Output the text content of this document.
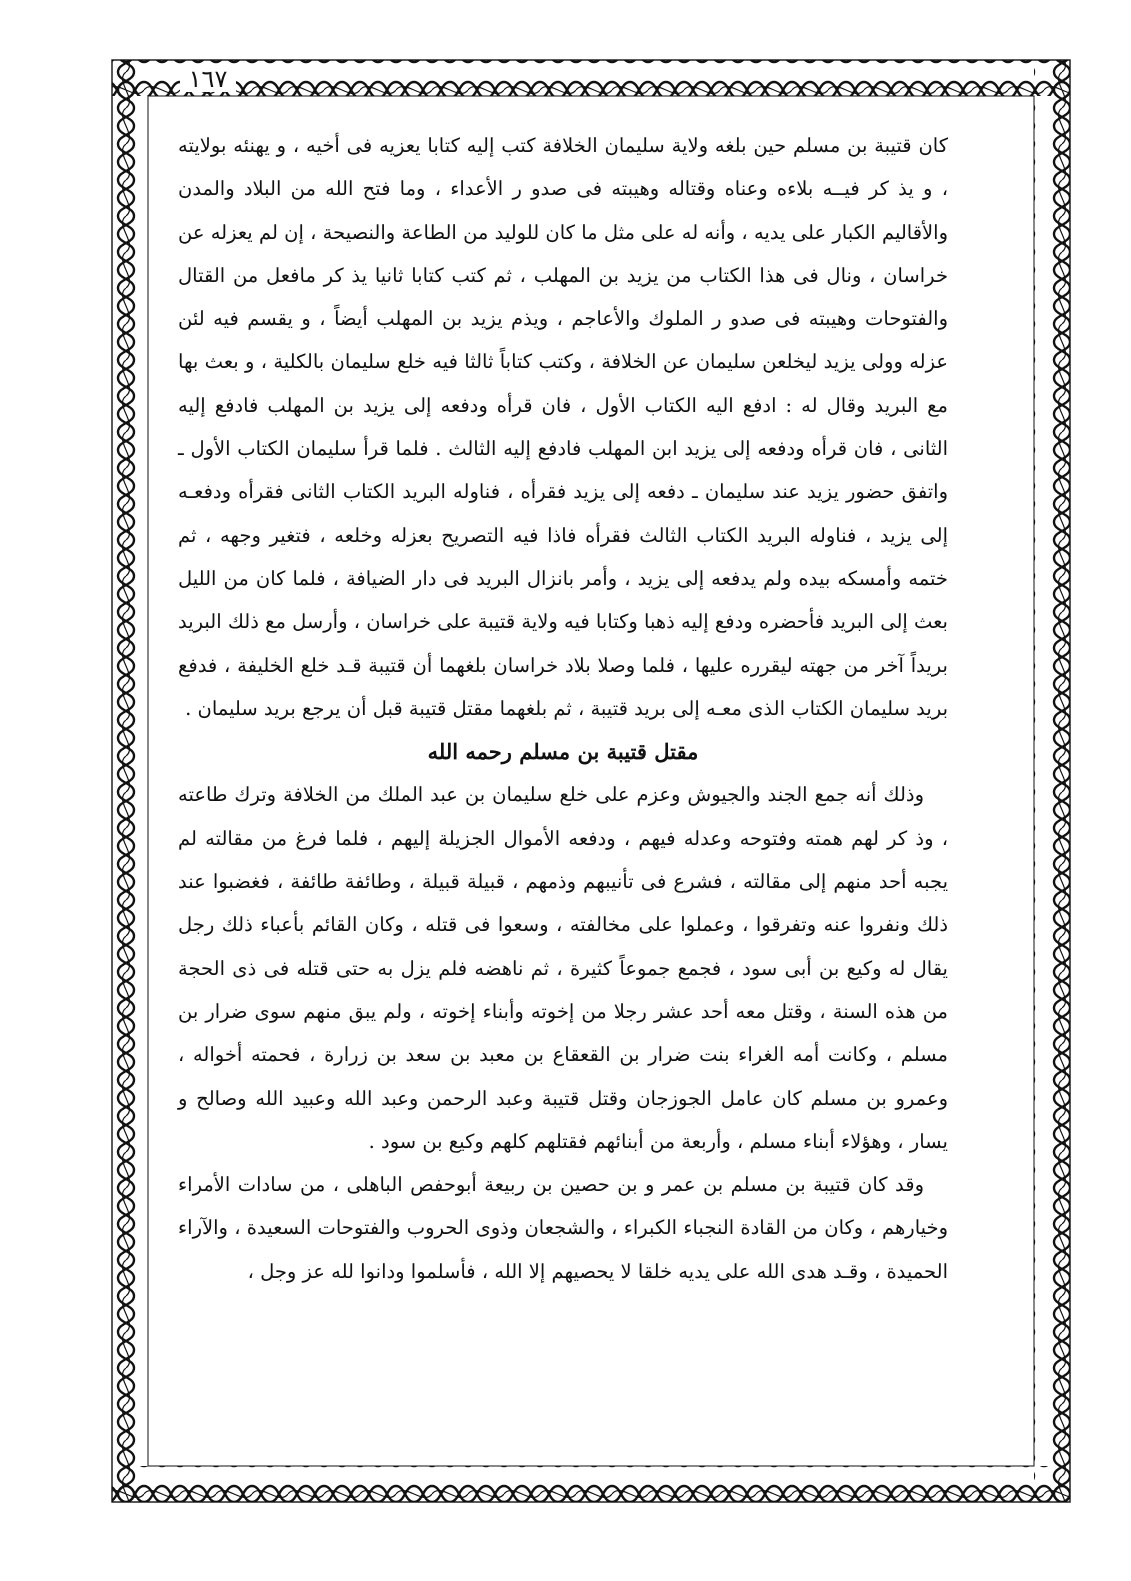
١٦٧

كان قتيبة بن مسلم حين بلغه ولاية سليمان الخلافة كتب إليه كتابا يعزيه فى أخيه ، و يهنئه بولايته ، و يذ كر فيــه بلاءه وعناه وقتاله وهيبته فى صدو ر الأعداء ، وما فتح الله من البلاد والمدن والأقاليم الكبار على يديه ، وأنه له على مثل ما كان للوليد من الطاعة والنصيحة ، إن لم يعزله عن خراسان ، ونال فى هذا الكتاب من يزيد بن المهلب ، ثم كتب كتابا ثانيا يذ كر مافعل من القتال والفتوحات وهيبته فى صدو ر الملوك والأعاجم ، ويذم يزيد بن المهلب أيضاً ، و يقسم فيه لئن عزله وولى يزيد ليخلعن سليمان عن الخلافة ، وكتب كتاباً ثالثا فيه خلع سليمان بالكلية ، و بعث بها مع البريد وقال له : ادفع اليه الكتاب الأول ، فان قرأه ودفعه إلى يزيد بن المهلب فادفع إليه الثانى ، فان قرأه ودفعه إلى يزيد ابن المهلب فادفع إليه الثالث . فلما قرأ سليمان الكتاب الأول ـ واتفق حضور يزيد عند سليمان ـ دفعه إلى يزيد فقرأه ، فناوله البريد الكتاب الثانى فقرأه ودفعـه إلى يزيد ، فناوله البريد الكتاب الثالث فقرأه فاذا فيه التصريح بعزله وخلعه ، فتغير وجهه ، ثم ختمه وأمسكه بيده ولم يدفعه إلى يزيد ، وأمر بانزال البريد فى دار الضيافة ، فلما كان من الليل بعث إلى البريد فأحضره ودفع إليه ذهبا وكتابا فيه ولاية قتيبة على خراسان ، وأرسل مع ذلك البريد بريداً آخر من جهته ليقرره عليها ، فلما وصلا بلاد خراسان بلغهما أن قتيبة قـد خلع الخليفة ، فدفع بريد سليمان الكتاب الذى معـه إلى بريد قتيبة ، ثم بلغهما مقتل قتيبة قبل أن يرجع بريد سليمان .

مقتل قتيبة بن مسلم رحمه الله

وذلك أنه جمع الجند والجيوش وعزم على خلع سليمان بن عبد الملك من الخلافة وترك طاعته ، وذ كر لهم همته وفتوحه وعدله فيهم ، ودفعه الأموال الجزيلة إليهم ، فلما فرغ من مقالته لم يجبه أحد منهم إلى مقالته ، فشرع فى تأنيبهم وذمهم ، قبيلة قبيلة ، وطائفة طائفة ، فغضبوا عند ذلك ونفروا عنه وتفرقوا ، وعملوا على مخالفته ، وسعوا فى قتله ، وكان القائم بأعباء ذلك رجل يقال له وكيع بن أبى سود ، فجمع جموعاً كثيرة ، ثم ناهضه فلم يزل به حتى قتله فى ذى الحجة من هذه السنة ، وقتل معه أحد عشر رجلا من إخوته وأبناء إخوته ، ولم يبق منهم سوى ضرار بن مسلم ، وكانت أمه الغراء بنت ضرار بن القعقاع بن معبد بن سعد بن زرارة ، فحمته أخواله ، وعمرو بن مسلم كان عامل الجوزجان وقتل قتيبة وعبد الرحمن وعبد الله وعبيد الله وصالح و يسار ، وهؤلاء أبناء مسلم ، وأربعة من أبنائهم فقتلهم كلهم وكيع بن سود .

وقد كان قتيبة بن مسلم بن عمر و بن حصين بن ربيعة أبوحفص الباهلى ، من سادات الأمراء وخيارهم ، وكان من القادة النجباء الكبراء ، والشجعان وذوى الحروب والفتوحات السعيدة ، والآراء الحميدة ، وقـد هدى الله على يديه خلقا لا يحصيهم إلا الله ، فأسلموا ودانوا لله عز وجل ،
